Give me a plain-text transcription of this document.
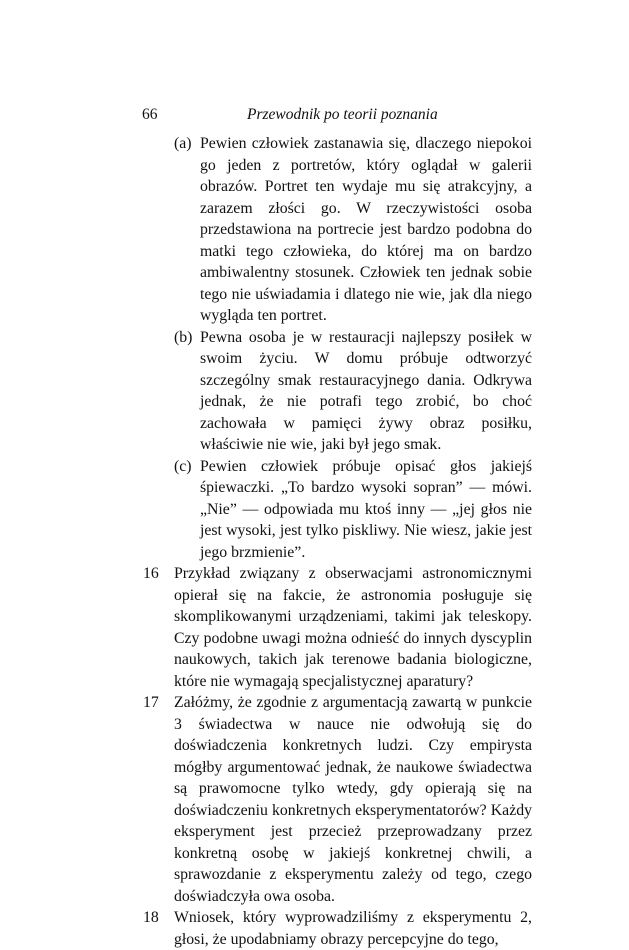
66	Przewodnik po teorii poznania
(a) Pewien człowiek zastanawia się, dlaczego niepokoi go jeden z portretów, który oglądał w galerii obrazów. Portret ten wydaje mu się atrakcyjny, a zarazem złości go. W rzeczywistości osoba przedstawiona na portrecie jest bardzo podobna do matki tego człowieka, do której ma on bardzo ambiwalentny stosunek. Człowiek ten jednak sobie tego nie uświadamia i dlatego nie wie, jak dla niego wygląda ten portret.
(b) Pewna osoba je w restauracji najlepszy posiłek w swoim życiu. W domu próbuje odtworzyć szczególny smak restauracyjnego dania. Odkrywa jednak, że nie potrafi tego zrobić, bo choć zachowała w pamięci żywy obraz posiłku, właściwie nie wie, jaki był jego smak.
(c) Pewien człowiek próbuje opisać głos jakiejś śpiewaczki. „To bardzo wysoki sopran” — mówi. „Nie” — odpowiada mu ktoś inny — „jej głos nie jest wysoki, jest tylko piskliwy. Nie wiesz, jakie jest jego brzmienie”.
16 Przykład związany z obserwacjami astronomicznymi opierał się na fakcie, że astronomia posługuje się skomplikowanymi urządzeniami, takimi jak teleskopy. Czy podobne uwagi można odnieść do innych dyscyplin naukowych, takich jak terenowe badania biologiczne, które nie wymagają specjalistycznej aparatury?
17 Załóżmy, że zgodnie z argumentacją zawartą w punkcie 3 świadectwa w nauce nie odwołują się do doświadczenia konkretnych ludzi. Czy empirysta mógłby argumentować jednak, że naukowe świadectwa są prawomocne tylko wtedy, gdy opierają się na doświadczeniu konkretnych eksperymentatorów? Każdy eksperyment jest przecież przeprowadzany przez konkretną osobę w jakiejś konkretnej chwili, a sprawozdanie z eksperymentu zależy od tego, czego doświadczyła owa osoba.
18 Wniosek, który wyprowadziliśmy z eksperymentu 2, głosi, że upodabniamy obrazy percepcyjne do tego,
